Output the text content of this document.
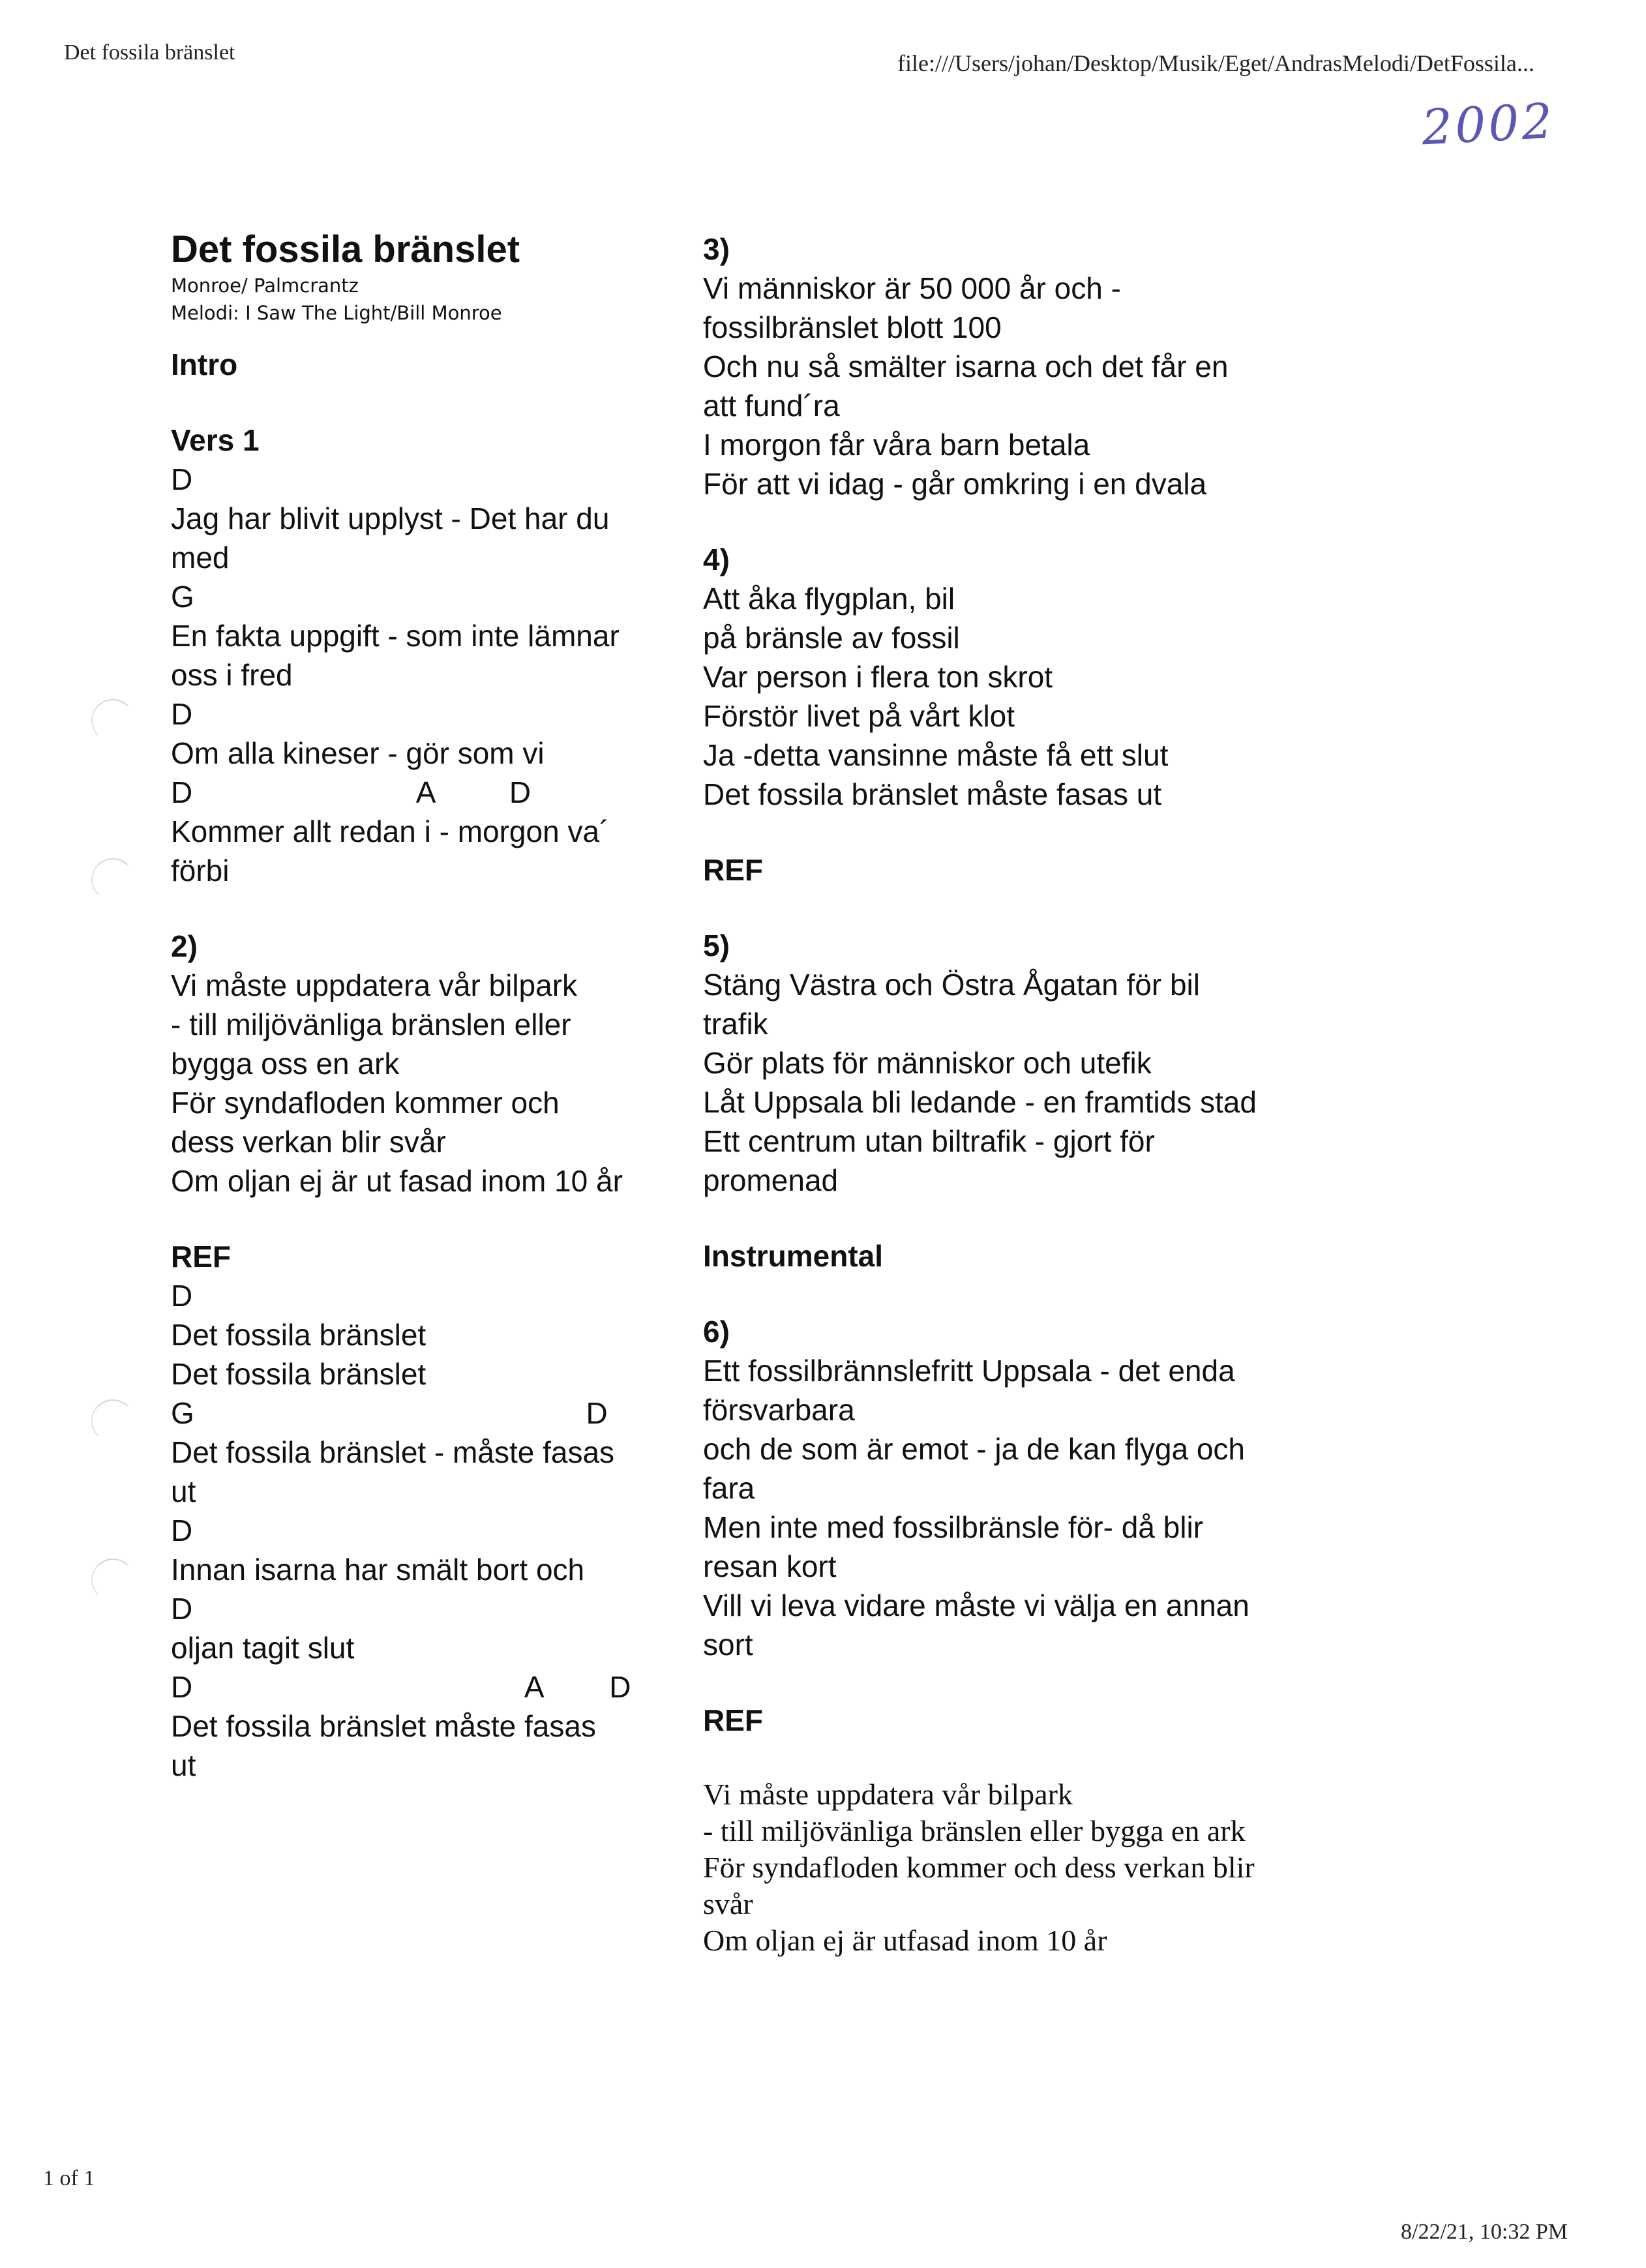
Det fossila bränslet	file:///Users/johan/Desktop/Musik/Eget/AndrasMelodi/DetFossila...
2002
Det fossila bränslet

Monroe/ Palmcrantz

Melodi: I Saw The Light/Bill Monroe

Intro

Vers 1

D

Jag har blivit upplyst - Det har du

med

G

En fakta uppgift - som inte lämnar

oss i fred

D

Om alla kineser - gör som vi

D                           A         D

Kommer allt redan i - morgon va´

förbi

2)

Vi måste uppdatera vår bilpark

- till miljövänliga bränslen eller

bygga oss en ark

För syndafloden kommer och

dess verkan blir svår

Om oljan ej är ut fasad inom 10 år

REF

D

Det fossila bränslet

Det fossila bränslet

G                                               D

Det fossila bränslet - måste fasas

ut

D

Innan isarna har smält bort och

D

oljan tagit slut

D                                        A        D

Det fossila bränslet måste fasas

ut

3)

Vi människor är 50 000 år och -

fossilbränslet blott 100

Och nu så smälter isarna och det får en

att fund´ra

I morgon får våra barn betala

För att vi idag - går omkring i en dvala

4)

Att åka flygplan, bil

på bränsle av fossil

Var person i flera ton skrot

Förstör livet på vårt klot

Ja -detta vansinne måste få ett slut

Det fossila bränslet måste fasas ut

REF

5)

Stäng Västra och Östra Ågatan för bil

trafik

Gör plats för människor och utefik

Låt Uppsala bli ledande - en framtids stad

Ett centrum utan biltrafik - gjort för

promenad

Instrumental

6)

Ett fossilbrännslefritt Uppsala - det enda

försvarbara

och de som är emot - ja de kan flyga och

fara

Men inte med fossilbränsle för- då blir

resan kort

Vill vi leva vidare måste vi välja en annan

sort

REF

Vi måste uppdatera vår bilpark

- till miljövänliga bränslen eller bygga en ark

För syndafloden kommer och dess verkan blir

svår

Om oljan ej är utfasad inom 10 år

1 of 1
8/22/21, 10:32 PM
